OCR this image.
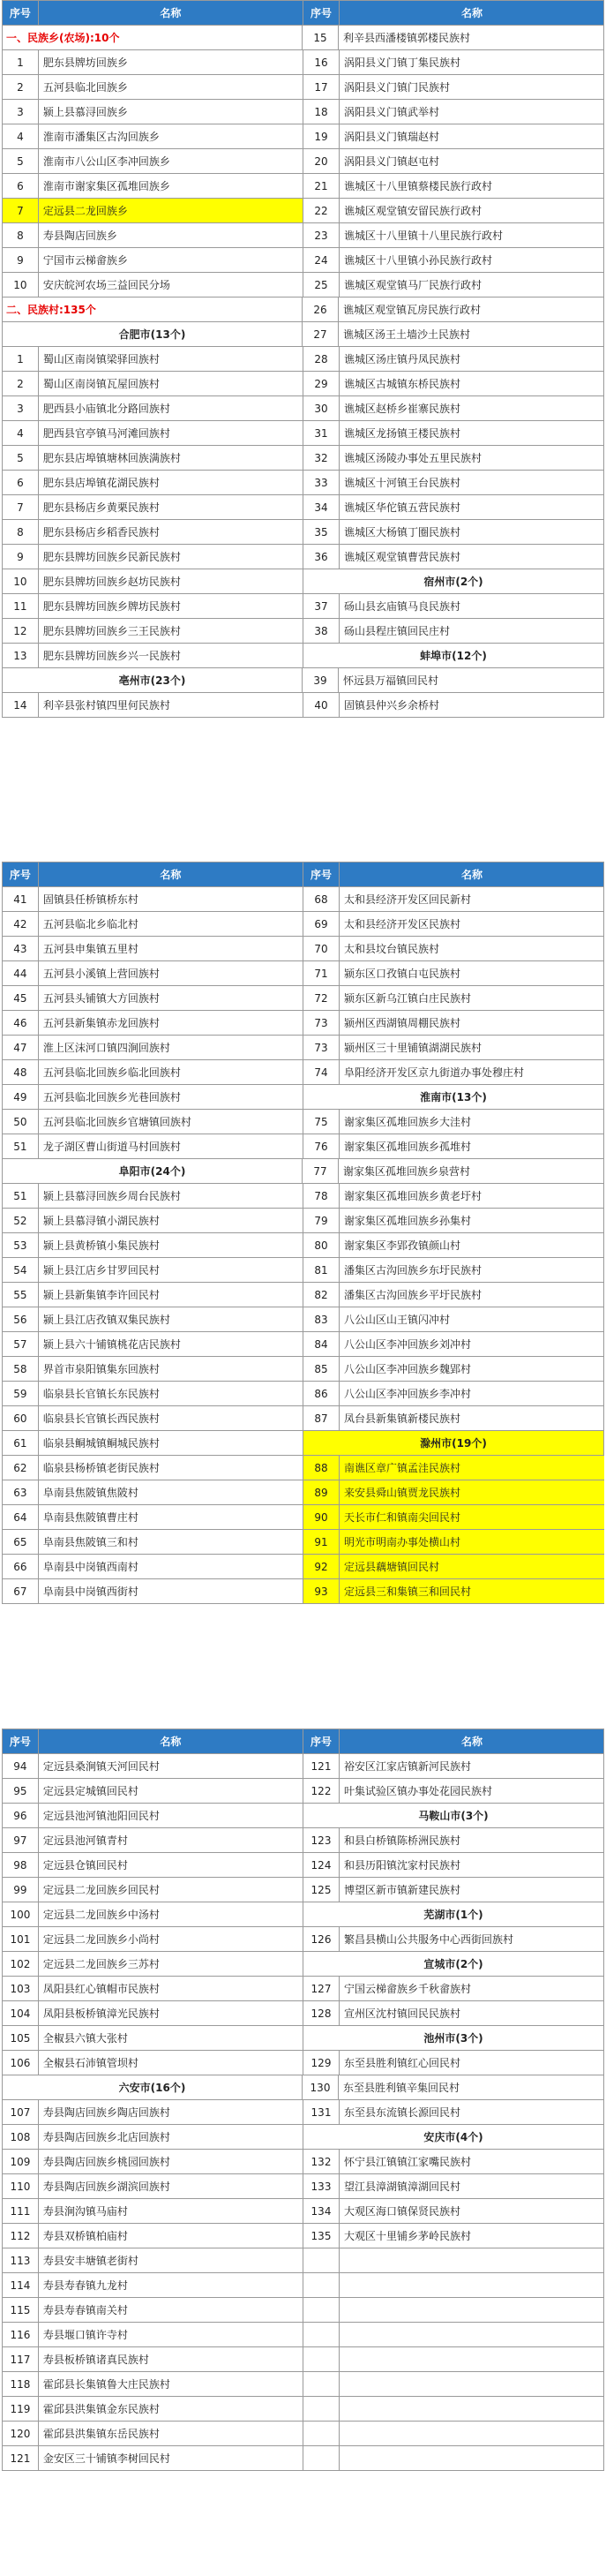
序号	名称	序号	名称
一、民族乡(农场):10个	15	利辛县西潘楼镇郭楼民族村
1	肥东县牌坊回族乡	16	涡阳县义门镇丁集民族村
2	五河县临北回族乡	17	涡阳县义门镇门民族村
3	颍上县慕浔回族乡	18	涡阳县义门镇武举村
4	淮南市潘集区古沟回族乡	19	涡阳县义门镇瑞赵村
5	淮南市八公山区李冲回族乡	20	涡阳县义门镇赵屯村
6	淮南市谢家集区孤堆回族乡	21	谯城区十八里镇蔡楼民族行政村
7	定远县二龙回族乡	22	谯城区观堂镇安留民族行政村
8	寿县陶店回族乡	23	谯城区十八里镇十八里民族行政村
9	宁国市云梯畲族乡	24	谯城区十八里镇小孙民族行政村
10	安庆皖河农场三益回民分场	25	谯城区观堂镇马厂民族行政村
二、民族村:135个	26	谯城区观堂镇瓦房民族行政村
合肥市(13个)	27	谯城区汤王土墙沙土民族村
1	蜀山区南岗镇梁驿回族村	28	谯城区汤庄镇丹凤民族村
2	蜀山区南岗镇瓦屋回族村	29	谯城区古城镇东桥民族村
3	肥西县小庙镇北分路回族村	30	谯城区赵桥乡崔寨民族村
4	肥西县官亭镇马河滩回族村	31	谯城区龙扬镇王楼民族村
5	肥东县店埠镇塘林回族满族村	32	谯城区汤陵办事处五里民族村
6	肥东县店埠镇花湖民族村	33	谯城区十河镇王台民族村
7	肥东县杨店乡黄栗民族村	34	谯城区华佗镇五营民族村
8	肥东县杨店乡稻香民族村	35	谯城区大杨镇丁圈民族村
9	肥东县牌坊回族乡民新民族村	36	谯城区观堂镇曹营民族村
10	肥东县牌坊回族乡赵坊民族村	宿州市(2个)
11	肥东县牌坊回族乡牌坊民族村	37	砀山县玄庙镇马良民族村
12	肥东县牌坊回族乡三王民族村	38	砀山县程庄镇回民庄村
13	肥东县牌坊回族乡兴一民族村	蚌埠市(12个)
亳州市(23个)	39	怀远县万福镇回民村
14	利辛县张村镇四里何民族村	40	固镇县仲兴乡余桥村
序号	名称	序号	名称
41	固镇县任桥镇桥东村	68	太和县经济开发区回民新村
42	五河县临北乡临北村	69	太和县经济开发区民族村
43	五河县申集镇五里村	70	太和县坟台镇民族村
44	五河县小溪镇上营回族村	71	颍东区口孜镇白屯民族村
45	五河县头铺镇大方回族村	72	颍东区新乌江镇白庄民族村
46	五河县新集镇赤龙回族村	73	颍州区西湖镇周棚民族村
47	淮上区沫河口镇四涧回族村	73	颍州区三十里铺镇湖湖民族村
48	五河县临北回族乡临北回族村	74	阜阳经济开发区京九街道办事处穆庄村
49	五河县临北回族乡光巷回族村	淮南市(13个)
50	五河县临北回族乡官塘镇回族村	75	谢家集区孤堆回族乡大洼村
51	龙子湖区曹山街道马村回族村	76	谢家集区孤堆回族乡孤堆村
阜阳市(24个)	77	谢家集区孤堆回族乡泉营村
51	颍上县慕浔回族乡周台民族村	78	谢家集区孤堆回族乡黄老圩村
52	颍上县慕浔镇小湖民族村	79	谢家集区孤堆回族乡孙集村
53	颍上县黄桥镇小集民族村	80	谢家集区李郢孜镇颜山村
54	颍上县江店乡甘罗回民村	81	潘集区古沟回族乡东圩民族村
55	颍上县新集镇李许回民村	82	潘集区古沟回族乡平圩民族村
56	颍上县江店孜镇双集民族村	83	八公山区山王镇闪冲村
57	颍上县六十铺镇桃花店民族村	84	八公山区李冲回族乡刘冲村
58	界首市泉阳镇集东回族村	85	八公山区李冲回族乡魏郢村
59	临泉县长官镇长东民族村	86	八公山区李冲回族乡李冲村
60	临泉县长官镇长西民族村	87	凤台县新集镇新楼民族村
61	临泉县鲖城镇鲖城民族村	滁州市(19个)
62	临泉县杨桥镇老街民族村	88	南谯区章广镇孟洼民族村
63	阜南县焦陂镇焦陂村	89	来安县舜山镇贾龙民族村
64	阜南县焦陂镇曹庄村	90	天长市仁和镇南尖回民村
65	阜南县焦陂镇三和村	91	明光市明南办事处横山村
66	阜南县中岗镇西南村	92	定远县藕塘镇回民村
67	阜南县中岗镇西街村	93	定远县三和集镇三和回民村
序号	名称	序号	名称
94	定远县桑涧镇天河回民村	121	裕安区江家店镇新河民族村
95	定远县定城镇回民村	122	叶集试验区镇办事处花园民族村
96	定远县池河镇池阳回民村	马鞍山市(3个)
97	定远县池河镇青村	123	和县白桥镇陈桥洲民族村
98	定远县仓镇回民村	124	和县历阳镇沈家村民族村
99	定远县二龙回族乡回民村	125	博望区新市镇新建民族村
100	定远县二龙回族乡中汤村	芜湖市(1个)
101	定远县二龙回族乡小尚村	126	繁昌县横山公共服务中心西街回族村
102	定远县二龙回族乡三苏村	宣城市(2个)
103	凤阳县红心镇帽市民族村	127	宁国云梯畲族乡千秋畲族村
104	凤阳县板桥镇漳光民族村	128	宣州区沈村镇回民民族村
105	全椒县六镇大张村	池州市(3个)
106	全椒县石沛镇管坝村	129	东至县胜利镇红心回民村
六安市(16个)	130	东至县胜利镇辛集回民村
107	寿县陶店回族乡陶店回族村	131	东至县东流镇长源回民村
108	寿县陶店回族乡北店回族村	安庆市(4个)
109	寿县陶店回族乡桃园回族村	132	怀宁县江镇镇江家嘴民族村
110	寿县陶店回族乡湖滨回族村	133	望江县漳湖镇漳湖回民村
111	寿县涧沟镇马庙村	134	大观区海口镇保贤民族村
112	寿县双桥镇柏庙村	135	大观区十里铺乡茅岭民族村
113	寿县安丰塘镇老街村
114	寿县寿春镇九龙村
115	寿县寿春镇南关村
116	寿县堰口镇许寺村
117	寿县板桥镇诸真民族村
118	霍邱县长集镇鲁大庄民族村
119	霍邱县洪集镇金东民族村
120	霍邱县洪集镇东岳民族村
121	金安区三十铺镇李树回民村
